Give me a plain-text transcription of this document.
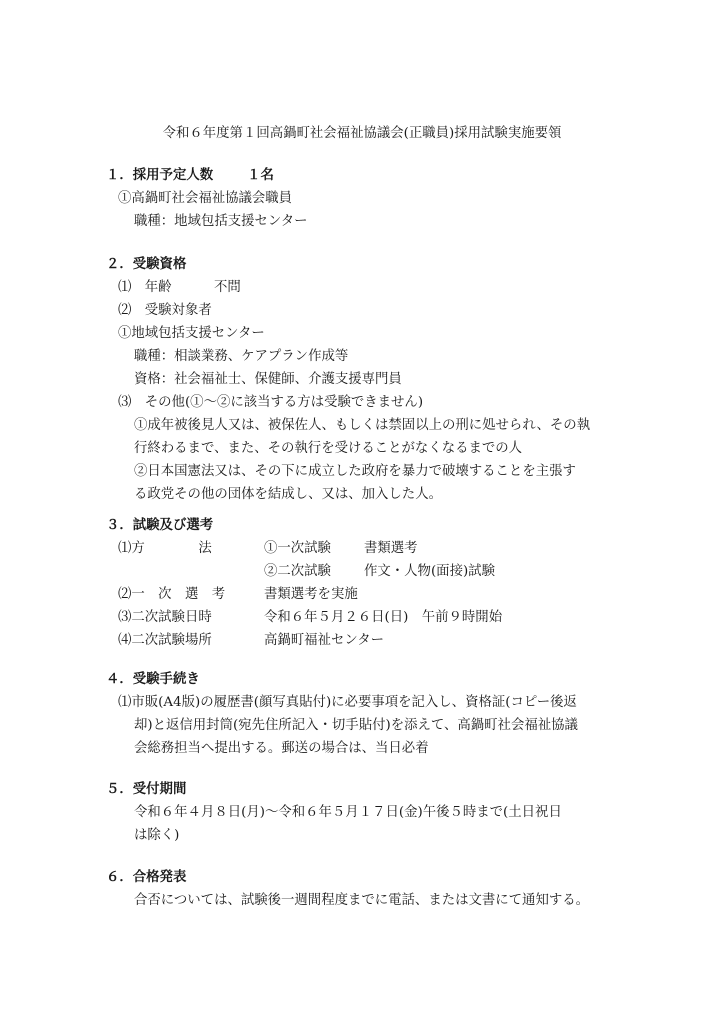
令和６年度第１回高鍋町社会福祉協議会(正職員)採用試験実施要領
１．採用予定人数	１名
①高鍋町社会福祉協議会職員
職種：地域包括支援センター
２．受験資格
⑴　年齢	不問
⑵　受験対象者
①地域包括支援センター
職種：相談業務、ケアプラン作成等
資格：社会福祉士、保健師、介護支援専門員
⑶　その他(①～②に該当する方は受験できません)
①成年被後見人又は、被保佐人、もしくは禁固以上の刑に処せられ、その執
行終わるまで、また、その執行を受けることがなくなるまでの人
②日本国憲法又は、その下に成立した政府を暴力で破壊することを主張す
る政党その他の団体を結成し、又は、加入した人。
３．試験及び選考
⑴方　　　　法	①一次試験 書類選考
②二次試験 作文・人物(面接)試験
⑵一　次　選　考	書類選考を実施
⑶二次試験日時	令和６年５月２６日(日)　午前９時開始
⑷二次試験場所	高鍋町福祉センター
４．受験手続き
⑴市販(A4版)の履歴書(顔写真貼付)に必要事項を記入し、資格証(コピー後返
却)と返信用封筒(宛先住所記入・切手貼付)を添えて、高鍋町社会福祉協議
会総務担当へ提出する。郵送の場合は、当日必着
５．受付期間
令和６年４月８日(月)～令和６年５月１７日(金)午後５時まで(土日祝日
は除く)
６．合格発表
合否については、試験後一週間程度までに電話、または文書にて通知する。
